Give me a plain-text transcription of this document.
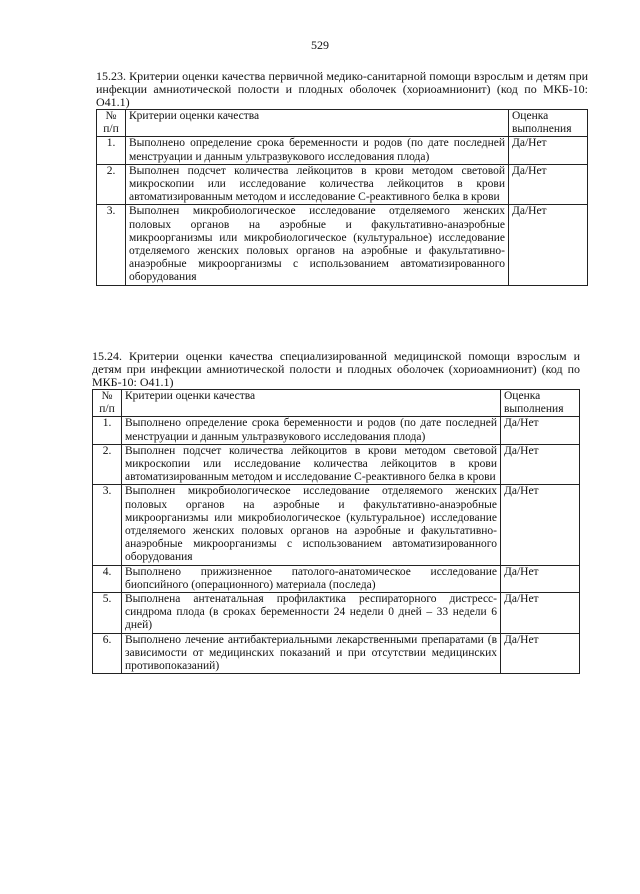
529
15.23. Критерии оценки качества первичной медико-санитарной помощи взрослым и детям при инфекции амниотической полости и плодных оболочек (хориоамнионит) (код по МКБ-10: O41.1)
№ п/п	Критерии оценки качества	Оценка выполнения
1.	Выполнено определение срока беременности и родов (по дате последней менструации и данным ультразвукового исследования плода)	Да/Нет
2.	Выполнен подсчет количества лейкоцитов в крови методом световой микроскопии или исследование количества лейкоцитов в крови автоматизированным методом и исследование С-реактивного белка в крови	Да/Нет
3.	Выполнен микробиологическое исследование отделяемого женских половых органов на аэробные и факультативно-анаэробные микроорганизмы или микробиологическое (культуральное) исследование отделяемого женских половых органов на аэробные и факультативно-анаэробные микроорганизмы с использованием автоматизированного оборудования	Да/Нет
15.24. Критерии оценки качества специализированной медицинской помощи взрослым и детям при инфекции амниотической полости и плодных оболочек (хориоамнионит) (код по МКБ-10: O41.1)
№ п/п	Критерии оценки качества	Оценка выполнения
1.	Выполнено определение срока беременности и родов (по дате последней менструации и данным ультразвукового исследования плода)	Да/Нет
2.	Выполнен подсчет количества лейкоцитов в крови методом световой микроскопии или исследование количества лейкоцитов в крови автоматизированным методом и исследование С-реактивного белка в крови	Да/Нет
3.	Выполнен микробиологическое исследование отделяемого женских половых органов на аэробные и факультативно-анаэробные микроорганизмы или микробиологическое (культуральное) исследование отделяемого женских половых органов на аэробные и факультативно-анаэробные микроорганизмы с использованием автоматизированного оборудования	Да/Нет
4.	Выполнено прижизненное патолого-анатомическое исследование биопсийного (операционного) материала (последа)	Да/Нет
5.	Выполнена антенатальная профилактика респираторного дистресс-синдрома плода (в сроках беременности 24 недели 0 дней – 33 недели 6 дней)	Да/Нет
6.	Выполнено лечение антибактериальными лекарственными препаратами (в зависимости от медицинских показаний и при отсутствии медицинских противопоказаний)	Да/Нет
